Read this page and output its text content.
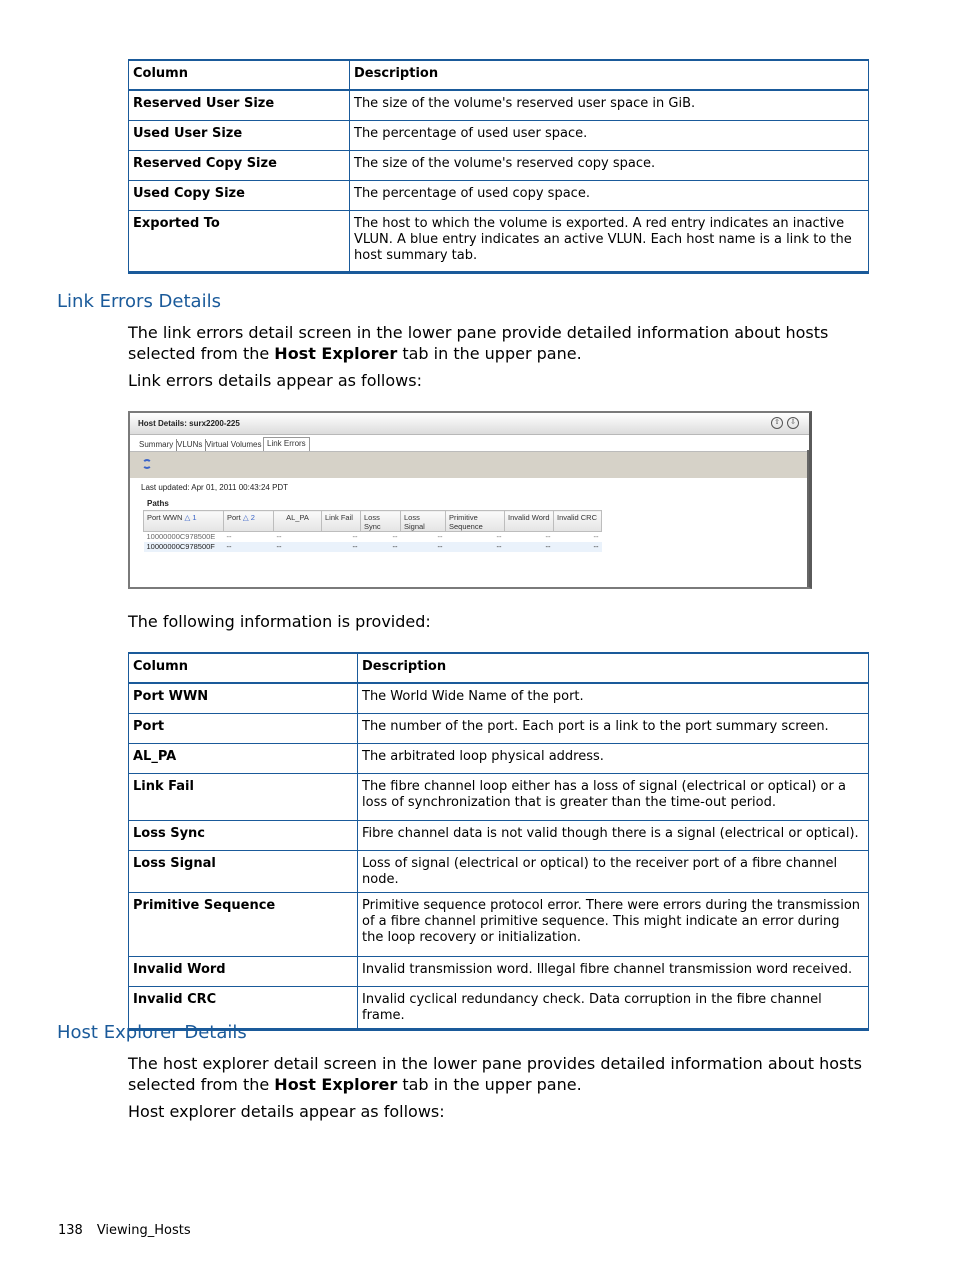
Column	Description
Reserved User Size	The size of the volume's reserved user space in GiB.
Used User Size	The percentage of used user space.
Reserved Copy Size	The size of the volume's reserved copy space.
Used Copy Size	The percentage of used copy space.
Exported To	The host to which the volume is exported. A red entry indicates an inactive VLUN. A blue entry indicates an active VLUN. Each host name is a link to the host summary tab.
Link Errors Details
The link errors detail screen in the lower pane provide detailed information about hosts selected from the Host Explorer tab in the upper pane.
Link errors details appear as follows:
Host Details: surx2200-225	⇧	⇩
Summary VLUNs Virtual Volumes Link Errors
Last updated: Apr 01, 2011 00:43:24 PDT
Paths
Port WWN △ 1	Port △ 2	AL_PA	Link Fail	Loss Sync	Loss Signal	Primitive Sequence	Invalid Word	Invalid CRC
10000000C978500E	--	--	--	--	--	--	--	--
10000000C978500F	--	--	--	--	--	--	--	--
The following information is provided:
Column	Description
Port WWN	The World Wide Name of the port.
Port	The number of the port. Each port is a link to the port summary screen.
AL_PA	The arbitrated loop physical address.
Link Fail	The fibre channel loop either has a loss of signal (electrical or optical) or a loss of synchronization that is greater than the time-out period.
Loss Sync	Fibre channel data is not valid though there is a signal (electrical or optical).
Loss Signal	Loss of signal (electrical or optical) to the receiver port of a fibre channel node.
Primitive Sequence	Primitive sequence protocol error. There were errors during the transmission of a fibre channel primitive sequence. This might indicate an error during the loop recovery or initialization.
Invalid Word	Invalid transmission word. Illegal fibre channel transmission word received.
Invalid CRC	Invalid cyclical redundancy check. Data corruption in the fibre channel frame.
Host Explorer Details
The host explorer detail screen in the lower pane provides detailed information about hosts selected from the Host Explorer tab in the upper pane.
Host explorer details appear as follows:
138 Viewing_Hosts
